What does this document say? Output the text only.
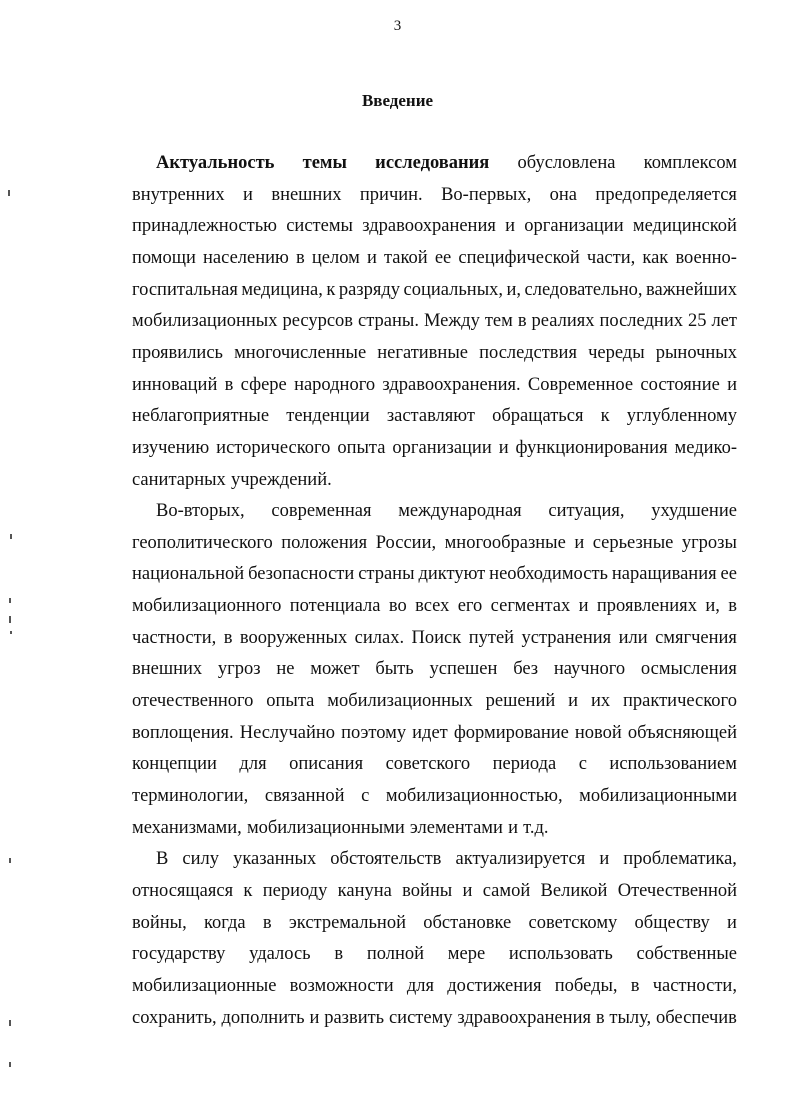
3
Введение
Актуальность темы исследования обусловлена комплексом
внутренних и внешних причин. Во-первых, она предопределяется
принадлежностью системы здравоохранения и организации медицинской
помощи населению в целом и такой ее специфической части, как военно-
госпитальная медицина, к разряду социальных, и, следовательно, важнейших
мобилизационных ресурсов страны. Между тем в реалиях последних 25 лет
проявились многочисленные негативные последствия череды рыночных
инноваций в сфере народного здравоохранения. Современное состояние и
неблагоприятные тенденции заставляют обращаться к углубленному
изучению исторического опыта организации и функционирования медико-
санитарных учреждений.
Во-вторых, современная международная ситуация, ухудшение
геополитического положения России, многообразные и серьезные угрозы
национальной безопасности страны диктуют необходимость наращивания ее
мобилизационного потенциала во всех его сегментах и проявлениях и, в
частности, в вооруженных силах. Поиск путей устранения или смягчения
внешних угроз не может быть успешен без научного осмысления
отечественного опыта мобилизационных решений и их практического
воплощения. Неслучайно поэтому идет формирование новой объясняющей
концепции для описания советского периода с использованием
терминологии, связанной с мобилизационностью, мобилизационными
механизмами, мобилизационными элементами и т.д.
В силу указанных обстоятельств актуализируется и проблематика,
относящаяся к периоду кануна войны и самой Великой Отечественной
войны, когда в экстремальной обстановке советскому обществу и
государству удалось в полной мере использовать собственные
мобилизационные возможности для достижения победы, в частности,
сохранить, дополнить и развить систему здравоохранения в тылу, обеспечив
